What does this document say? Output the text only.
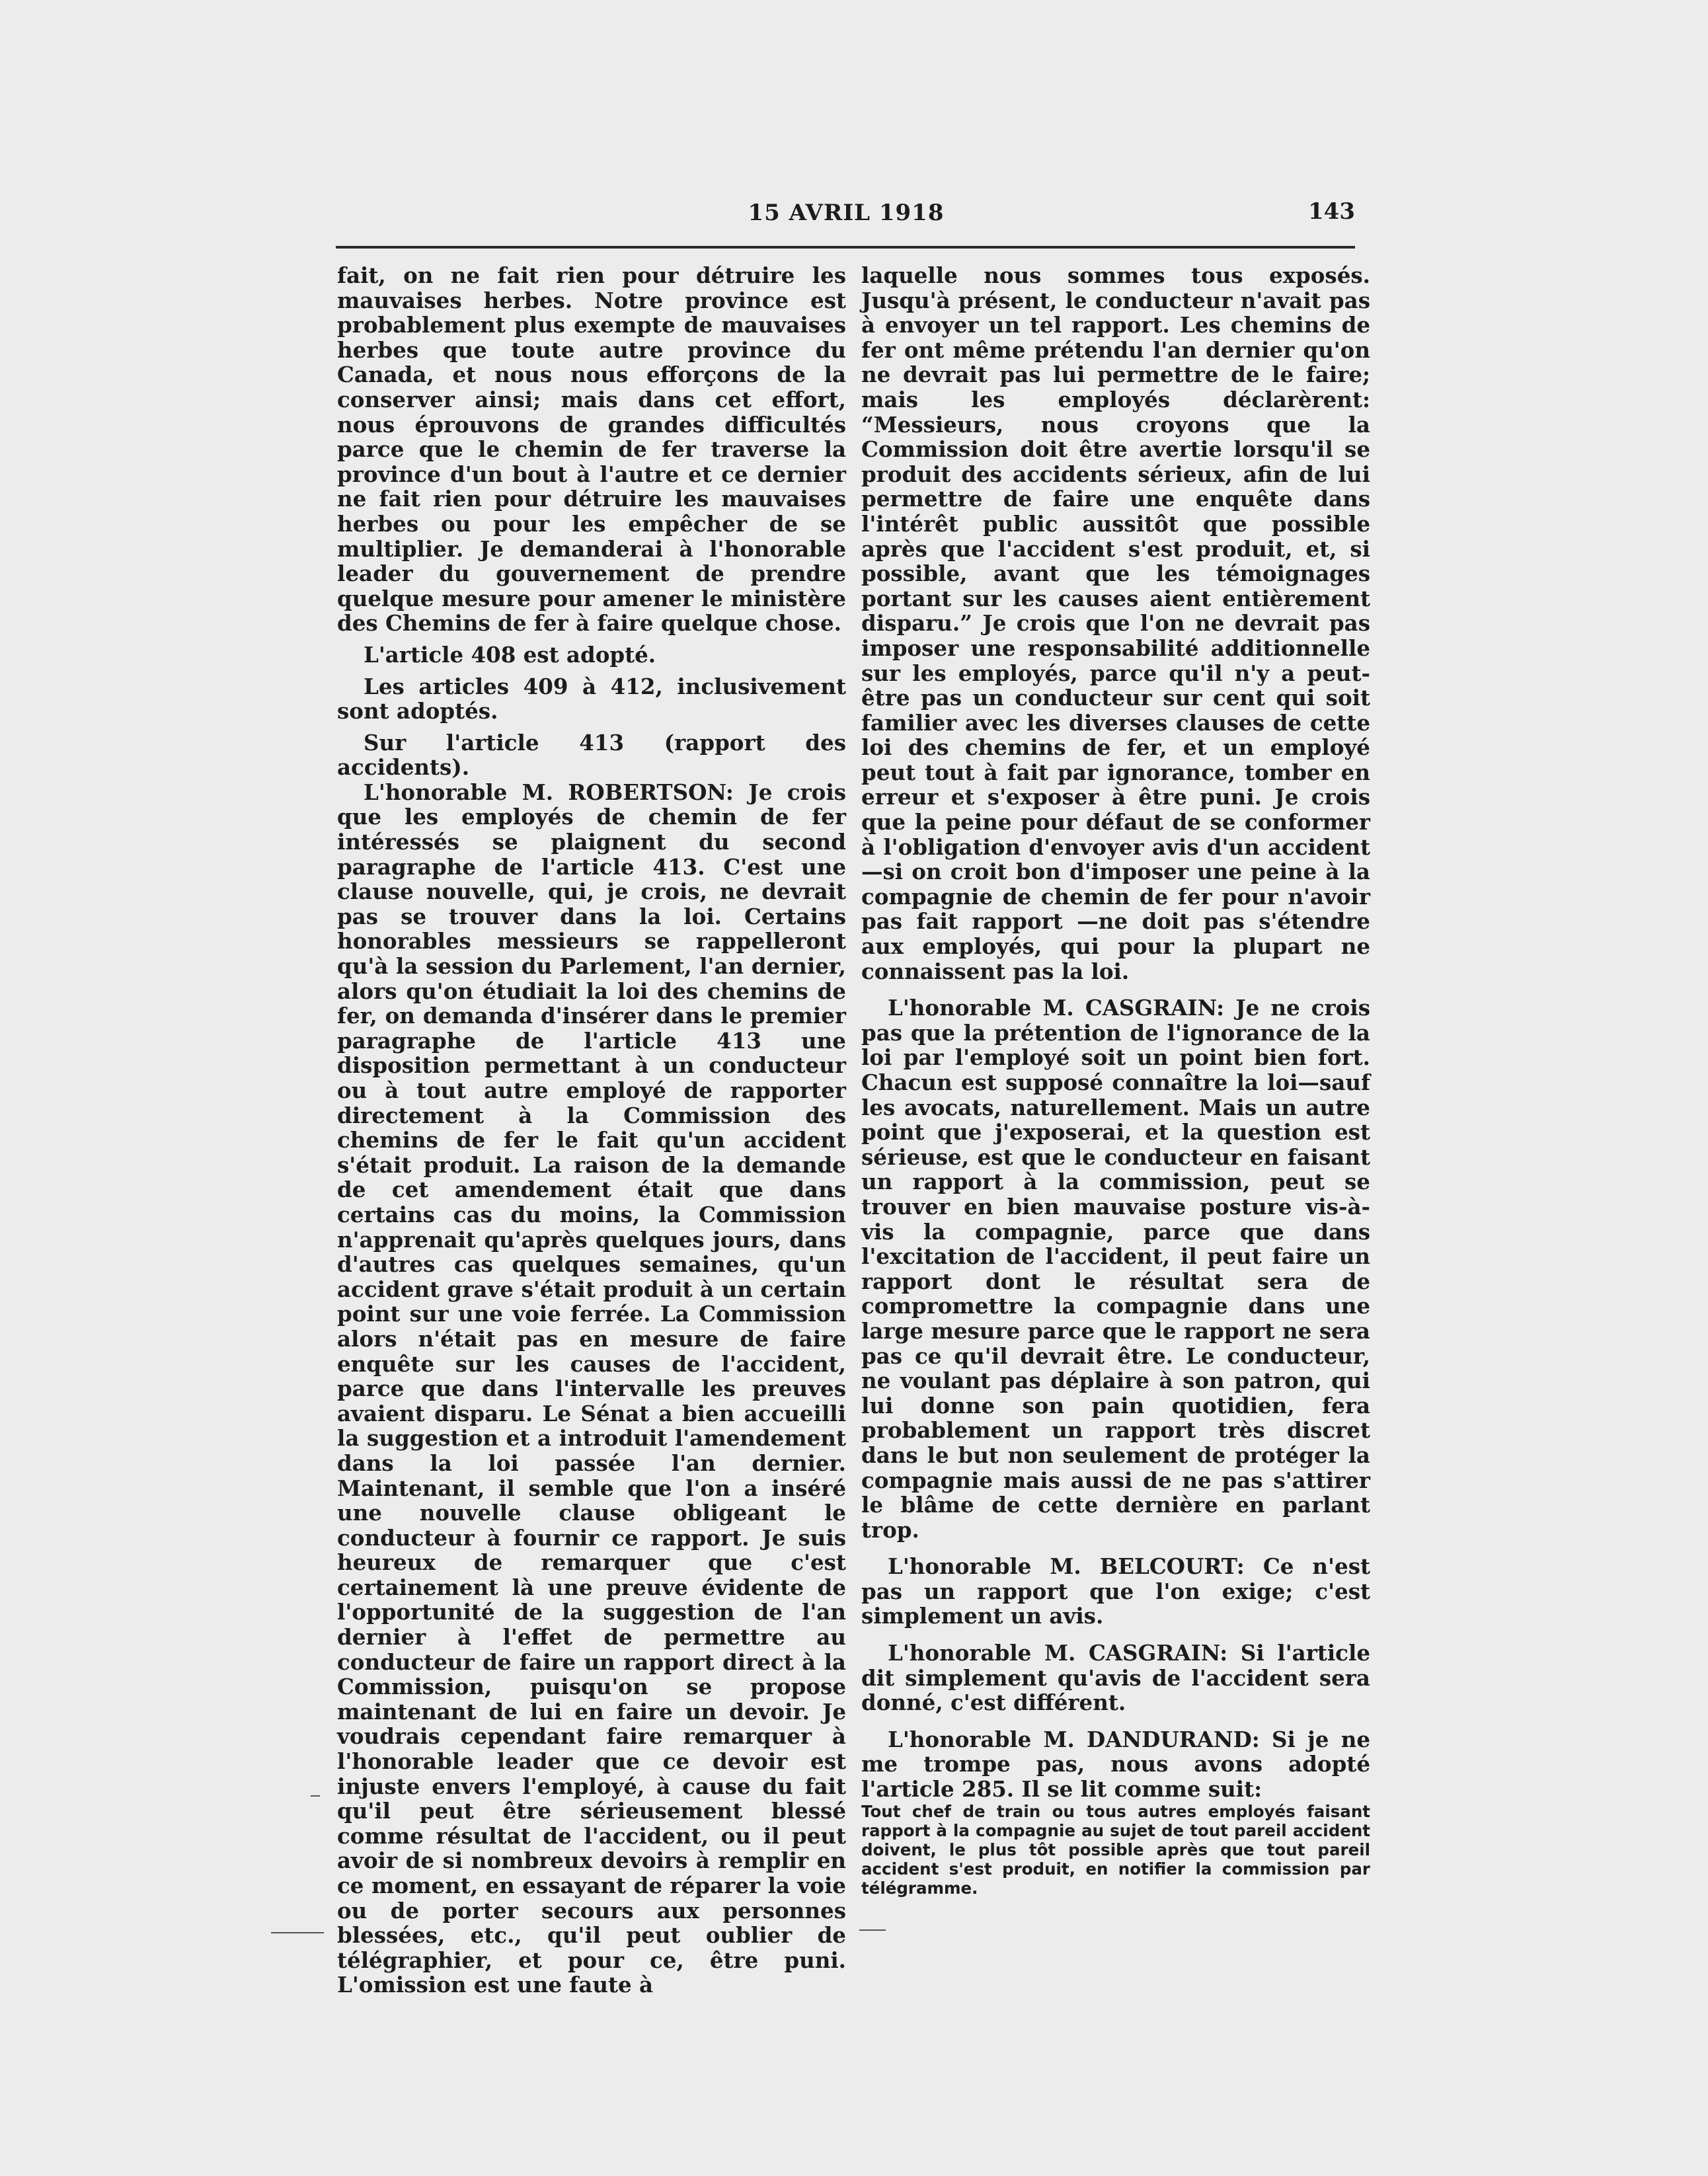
15 AVRIL 1918	143

fait, on ne fait rien pour détruire les mauvaises herbes. Notre province est probablement plus exempte de mauvaises herbes que toute autre province du Canada, et nous nous efforçons de la conserver ainsi; mais dans cet effort, nous éprouvons de grandes difficultés parce que le chemin de fer traverse la province d'un bout à l'autre et ce dernier ne fait rien pour détruire les mauvaises herbes ou pour les empêcher de se multiplier. Je demanderai à l'honorable leader du gouvernement de prendre quelque mesure pour amener le ministère des Chemins de fer à faire quelque chose.

L'article 408 est adopté.

Les articles 409 à 412, inclusivement sont adoptés.

Sur l'article 413 (rapport des accidents).

L'honorable M. ROBERTSON: Je crois que les employés de chemin de fer intéressés se plaignent du second paragraphe de l'article 413. C'est une clause nouvelle, qui, je crois, ne devrait pas se trouver dans la loi. Certains honorables messieurs se rappelleront qu'à la session du Parlement, l'an dernier, alors qu'on étudiait la loi des chemins de fer, on demanda d'insérer dans le premier paragraphe de l'article 413 une disposition permettant à un conducteur ou à tout autre employé de rapporter directement à la Commission des chemins de fer le fait qu'un accident s'était produit. La raison de la demande de cet amendement était que dans certains cas du moins, la Commission n'apprenait qu'après quelques jours, dans d'autres cas quelques semaines, qu'un accident grave s'était produit à un certain point sur une voie ferrée. La Commission alors n'était pas en mesure de faire enquête sur les causes de l'accident, parce que dans l'intervalle les preuves avaient disparu. Le Sénat a bien accueilli la suggestion et a introduit l'amendement dans la loi passée l'an dernier. Maintenant, il semble que l'on a inséré une nouvelle clause obligeant le conducteur à fournir ce rapport. Je suis heureux de remarquer que c'est certainement là une preuve évidente de l'opportunité de la suggestion de l'an dernier à l'effet de permettre au conducteur de faire un rapport direct à la Commission, puisqu'on se propose maintenant de lui en faire un devoir. Je voudrais cependant faire remarquer à l'honorable leader que ce devoir est injuste envers l'employé, à cause du fait qu'il peut être sérieusement blessé comme résultat de l'accident, ou il peut avoir de si nombreux devoirs à remplir en ce moment, en essayant de réparer la voie ou de porter secours aux personnes blessées, etc., qu'il peut oublier de télégraphier, et pour ce, être puni. L'omission est une faute à

laquelle nous sommes tous exposés. Jusqu'à présent, le conducteur n'avait pas à envoyer un tel rapport. Les chemins de fer ont même prétendu l'an dernier qu'on ne devrait pas lui permettre de le faire; mais les employés déclarèrent: “Messieurs, nous croyons que la Commission doit être avertie lorsqu'il se produit des accidents sérieux, afin de lui permettre de faire une enquête dans l'intérêt public aussitôt que possible après que l'accident s'est produit, et, si possible, avant que les témoignages portant sur les causes aient entièrement disparu.” Je crois que l'on ne devrait pas imposer une responsabilité additionnelle sur les employés, parce qu'il n'y a peut-être pas un conducteur sur cent qui soit familier avec les diverses clauses de cette loi des chemins de fer, et un employé peut tout à fait par ignorance, tomber en erreur et s'exposer à être puni. Je crois que la peine pour défaut de se conformer à l'obligation d'envoyer avis d'un accident—si on croit bon d'imposer une peine à la compagnie de chemin de fer pour n'avoir pas fait rapport —ne doit pas s'étendre aux employés, qui pour la plupart ne connaissent pas la loi.

L'honorable M. CASGRAIN: Je ne crois pas que la prétention de l'ignorance de la loi par l'employé soit un point bien fort. Chacun est supposé connaître la loi—sauf les avocats, naturellement. Mais un autre point que j'exposerai, et la question est sérieuse, est que le conducteur en faisant un rapport à la commission, peut se trouver en bien mauvaise posture vis-à-vis la compagnie, parce que dans l'excitation de l'accident, il peut faire un rapport dont le résultat sera de compromettre la compagnie dans une large mesure parce que le rapport ne sera pas ce qu'il devrait être. Le conducteur, ne voulant pas déplaire à son patron, qui lui donne son pain quotidien, fera probablement un rapport très discret dans le but non seulement de protéger la compagnie mais aussi de ne pas s'attirer le blâme de cette dernière en parlant trop.

L'honorable M. BELCOURT: Ce n'est pas un rapport que l'on exige; c'est simplement un avis.

L'honorable M. CASGRAIN: Si l'article dit simplement qu'avis de l'accident sera donné, c'est différent.

L'honorable M. DANDURAND: Si je ne me trompe pas, nous avons adopté l'article 285. Il se lit comme suit:

Tout chef de train ou tous autres employés faisant rapport à la compagnie au sujet de tout pareil accident doivent, le plus tôt possible après que tout pareil accident s'est produit, en notifier la commission par télégramme.
